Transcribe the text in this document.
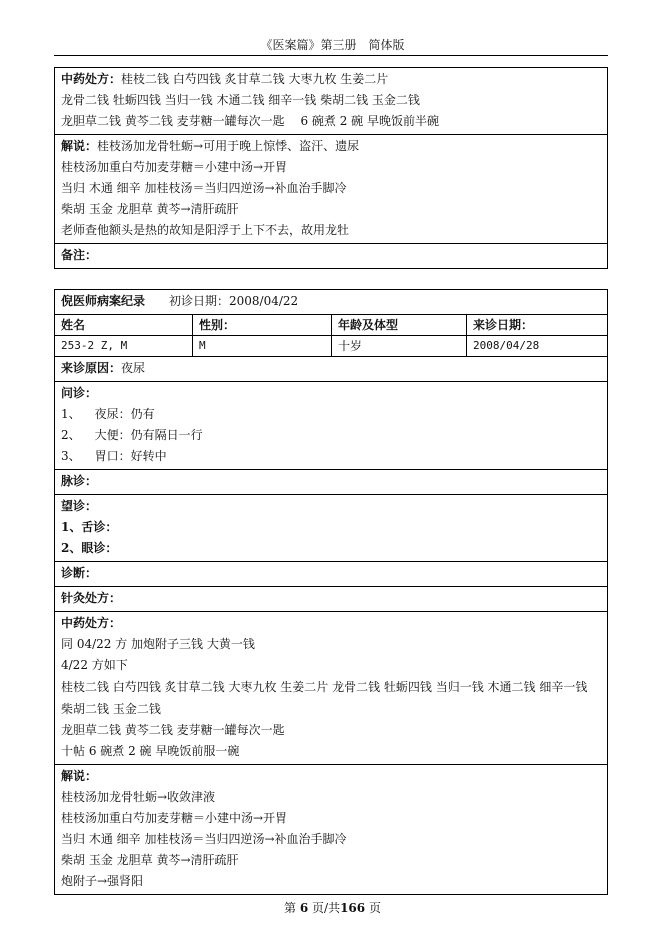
《医案篇》第三册　简体版
中药处方：桂枝二钱 白芍四钱 炙甘草二钱 大枣九枚 生姜二片
龙骨二钱 牡蛎四钱 当归一钱 木通二钱 细辛一钱 柴胡二钱 玉金二钱
龙胆草二钱 黄芩二钱 麦芽糖一罐每次一匙　 6 碗煮 2 碗 早晚饭前半碗
解说：桂枝汤加龙骨牡蛎→可用于晚上惊悸、盗汗、遗尿
桂枝汤加重白芍加麦芽糖＝小建中汤→开胃
当归 木通 细辛 加桂枝汤＝当归四逆汤→补血治手脚冷
柴胡 玉金 龙胆草 黄芩→清肝疏肝
老师查他额头是热的故知是阳浮于上下不去，故用龙牡
备注：
倪医师病案纪录 初诊日期：2008/04/22
姓名	性别：	年龄及体型	来诊日期：
253-2 Z, M	M	十岁	2008/04/28
来诊原因：夜尿
问诊：
1、 夜尿：仍有
2、 大便：仍有隔日一行
3、 胃口：好转中
脉诊：
望诊：
1、舌诊：
2、眼诊：
诊断：
针灸处方：
中药处方：
同 04/22 方 加炮附子三钱 大黄一钱
4/22 方如下
桂枝二钱 白芍四钱 炙甘草二钱 大枣九枚 生姜二片 龙骨二钱 牡蛎四钱 当归一钱 木通二钱 细辛一钱 柴胡二钱 玉金二钱
龙胆草二钱 黄芩二钱 麦芽糖一罐每次一匙
十帖 6 碗煮 2 碗 早晚饭前服一碗
解说：
桂枝汤加龙骨牡蛎→收敛津液
桂枝汤加重白芍加麦芽糖＝小建中汤→开胃
当归 木通 细辛 加桂枝汤＝当归四逆汤→补血治手脚冷
柴胡 玉金 龙胆草 黄芩→清肝疏肝
炮附子→强肾阳
第 6 页/共166 页
